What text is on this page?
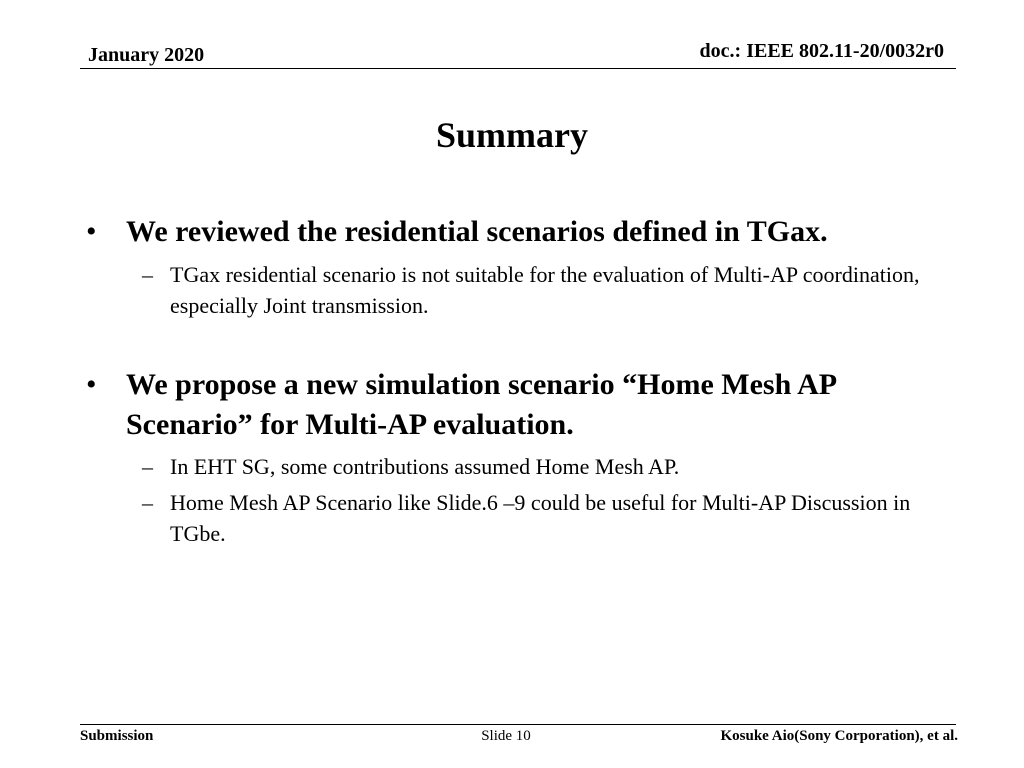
January 2020	doc.: IEEE 802.11-20/0032r0
Summary
• We reviewed the residential scenarios defined in TGax.
– TGax residential scenario is not suitable for the evaluation of Multi-AP coordination, especially Joint transmission.
• We propose a new simulation scenario “Home Mesh AP Scenario” for Multi-AP evaluation.
– In EHT SG, some contributions assumed Home Mesh AP.
– Home Mesh AP Scenario like Slide.6 –9 could be useful for Multi-AP Discussion in TGbe.
Submission	Slide 10	Kosuke Aio(Sony Corporation), et al.
